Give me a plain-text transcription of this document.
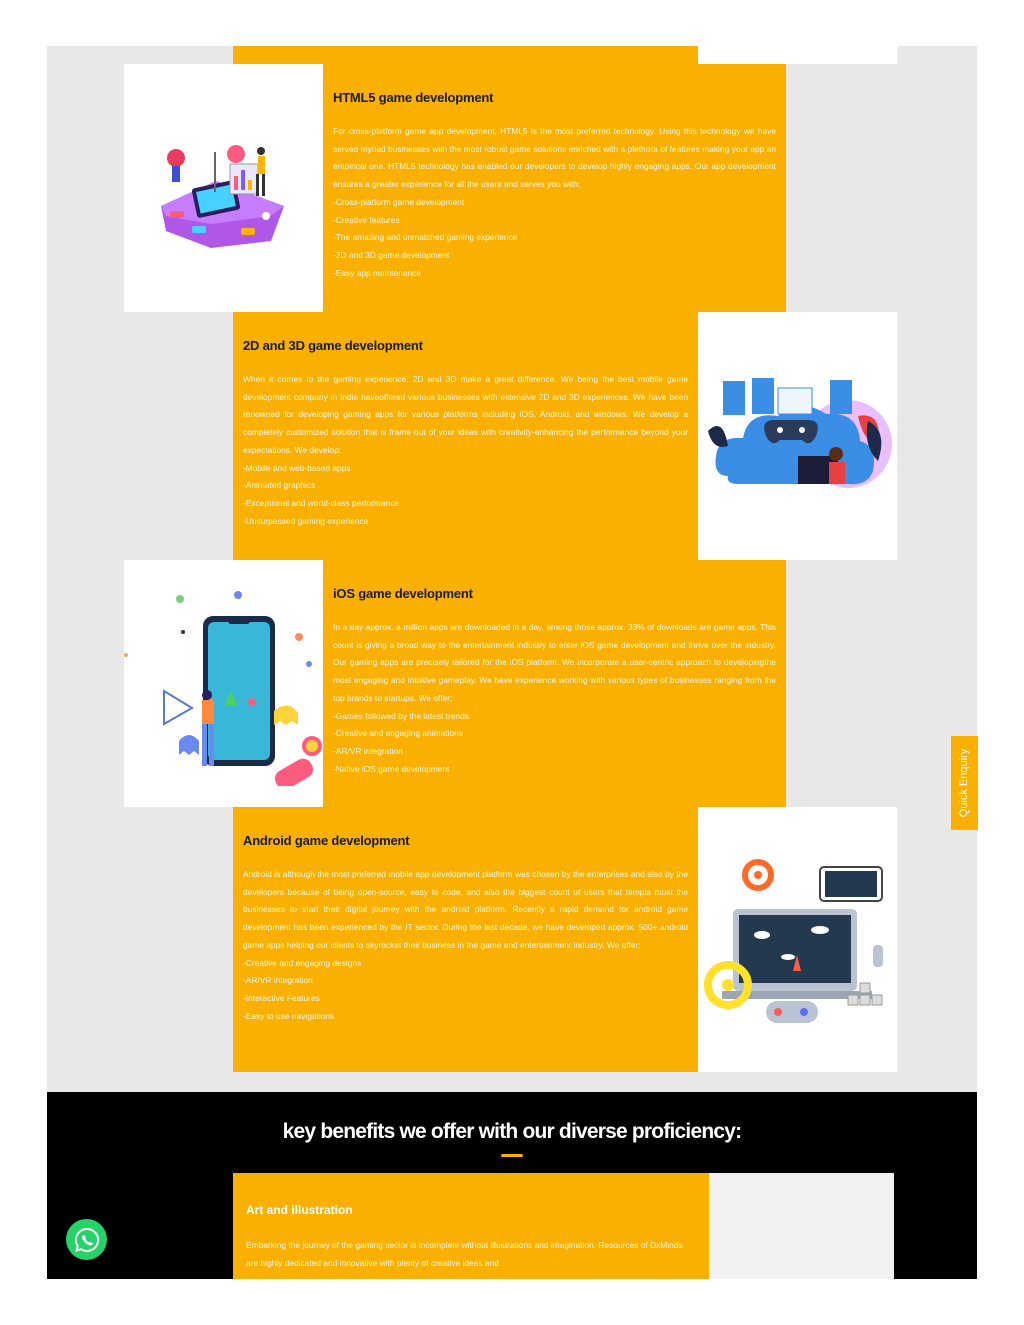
HTML5 game development

For cross-platform game app development, HTML5 is the most preferred technology. Using this technology we have served myriad businesses with the most robust game solutions enriched with a plethora of features making your app an empirical one. HTML5 technology has enabled our developers to develop highly engaging apps. Our app development ensures a greater experience for all the users and serves you with:

-Cross-platform game development
-Creative features
-The amazing and unmatched gaming experience
-2D and 3D game development
-Easy app maintenance
2D and 3D game development

When it comes to the gaming experience, 2D and 3D make a great difference. We being the best mobile game development company in India haveoffered various businesses with extensive 2D and 3D experiences. We have been renowned for developing gaming apps for various platforms including iOS, Android, and windows. We develop a completely customized solution that is frame out of your ideas with creativity-enhancing the performance beyond your expectations. We develop:

-Mobile and web-based apps
-Animated graphics
-Exceptional and world-class performance
-Unsurpassed gaming experience
iOS game development

In a day approx. a million apps are downloaded in a day, among those approx. 33% of downloads are game apps. This count is giving a broad way to the entertainment industry to enter iOS game development and thrive over the industry. Our gaming apps are precisely tailored for the iOS platform. We incorporate a user-centric approach to developingthe most engaging and intuitive gameplay. We have experience working with various types of businesses ranging from the top brands to startups. We offer:

-Games followed by the latest trends
-Creative and engaging animations
-AR/VR integration
-Native iOS game development
Android game development

Android is although the most preferred mobile app development platform was chosen by the enterprises and also by the developers because of being open-source, easy to code, and also the biggest count of users that tempts most the businesses to start their digital journey with the android platform. Recently a rapid demand for android game development has been experienced by the IT sector. During the last decade, we have developed approx. 500+ android game apps helping our clients to skyrocket their business in the game and entertainment industry. We offer:

-Creative and engaging designs
-AR/VR integration
-Interactive Features
-Easy to use navigations
Quick Enquiry
key benefits we offer with our diverse proficiency:
Art and illustration

Embarking the journey of the gaming sector is incomplete without illustrations and imagination. Resources of DxMinds are highly dedicated and innovative with plenty of creative ideas and
